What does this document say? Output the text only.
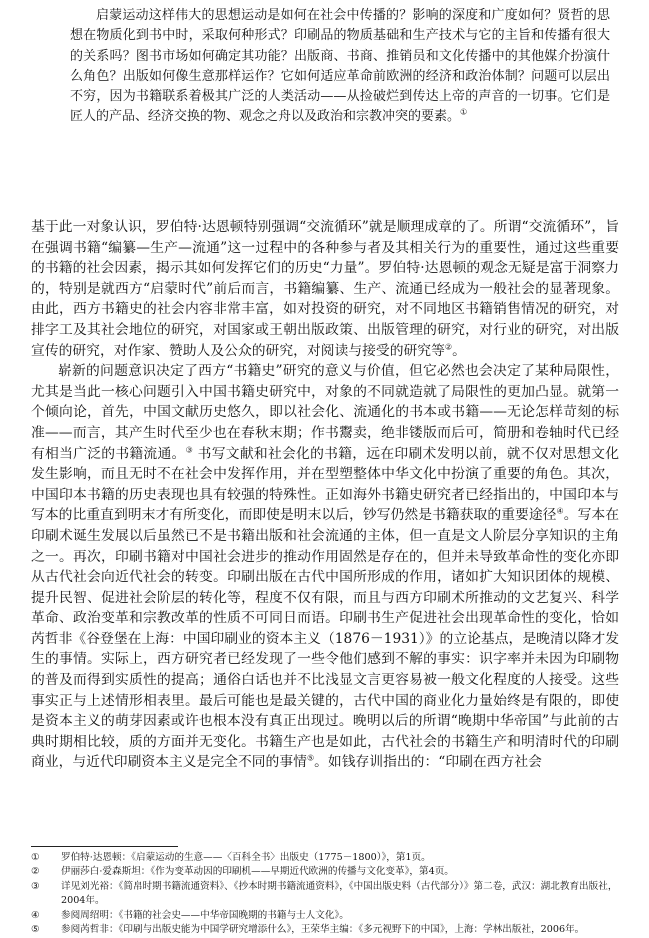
启蒙运动这样伟大的思想运动是如何在社会中传播的？影响的深度和广度如何？贤哲的思想在物质化到书中时，采取何种形式？印刷品的物质基础和生产技术与它的主旨和传播有很大的关系吗？图书市场如何确定其功能？出版商、书商、推销员和文化传播中的其他媒介扮演什么角色？出版如何像生意那样运作？它如何适应革命前欧洲的经济和政治体制？问题可以层出不穷，因为书籍联系着极其广泛的人类活动——从捡破烂到传达上帝的声音的一切事。它们是匠人的产品、经济交换的物、观念之舟以及政治和宗教冲突的要素。①

基于此一对象认识，罗伯特·达恩顿特别强调“交流循环”就是顺理成章的了。所谓“交流循环”，旨在强调书籍“编纂—生产—流通”这一过程中的各种参与者及其相关行为的重要性，通过这些重要的书籍的社会因素，揭示其如何发挥它们的历史“力量”。罗伯特·达恩顿的观念无疑是富于洞察力的，特别是就西方“启蒙时代”前后而言，书籍编纂、生产、流通已经成为一般社会的显著现象。由此，西方书籍史的社会内容非常丰富，如对投资的研究，对不同地区书籍销售情况的研究，对排字工及其社会地位的研究，对国家或王朝出版政策、出版管理的研究，对行业的研究，对出版宣传的研究，对作家、赞助人及公众的研究，对阅读与接受的研究等②。

崭新的问题意识决定了西方“书籍史”研究的意义与价值，但它必然也会决定了某种局限性，尤其是当此一核心问题引入中国书籍史研究中，对象的不同就造就了局限性的更加凸显。就第一个倾向论，首先，中国文献历史悠久，即以社会化、流通化的书本或书籍——无论怎样苛刻的标准——而言，其产生时代至少也在春秋末期；作书鬻卖，绝非镂版而后可，简册和卷轴时代已经有相当广泛的书籍流通。③ 书写文献和社会化的书籍，远在印刷术发明以前，就不仅对思想文化发生影响，而且无时不在社会中发挥作用，并在型塑整体中华文化中扮演了重要的角色。其次，中国印本书籍的历史表现也具有较强的特殊性。正如海外书籍史研究者已经指出的，中国印本与写本的比重直到明末才有所变化，而即使是明末以后，钞写仍然是书籍获取的重要途径④。写本在印刷术诞生发展以后虽然已不是书籍出版和社会流通的主体，但一直是文人阶层分享知识的主角之一。再次，印刷书籍对中国社会进步的推动作用固然是存在的，但并未导致革命性的变化亦即从古代社会向近代社会的转变。印刷出版在古代中国所形成的作用，诸如扩大知识团体的规模、提升民智、促进社会阶层的转化等，程度不仅有限，而且与西方印刷术所推动的文艺复兴、科学革命、政治变革和宗教改革的性质不可同日而语。印刷书生产促进社会出现革命性的变化，恰如芮哲非《谷登堡在上海：中国印刷业的资本主义（1876－1931）》的立论基点，是晚清以降才发生的事情。实际上，西方研究者已经发现了一些令他们感到不解的事实：识字率并未因为印刷物的普及而得到实质性的提高；通俗白话也并不比浅显文言更容易被一般文化程度的人接受。这些事实正与上述情形相表里。最后可能也是最关键的，古代中国的商业化力量始终是有限的，即使是资本主义的萌芽因素或许也根本没有真正出现过。晚明以后的所谓“晚期中华帝国”与此前的古典时期相比较，质的方面并无变化。书籍生产也是如此，古代社会的书籍生产和明清时代的印刷商业，与近代印刷资本主义是完全不同的事情⑤。如钱存训指出的：“印刷在西方社会

①	罗伯特·达恩顿：《启蒙运动的生意——〈百科全书〉出版史（1775－1800）》，第1页。
②	伊丽莎白·爱森斯坦：《作为变革动因的印刷机——早期近代欧洲的传播与文化变革》，第4页。
③	详见刘光裕：《简帛时期书籍流通资料》、《抄本时期书籍流通资料》，《中国出版史料（古代部分）》第二卷，武汉：湖北教育出版社，2004年。
④	参阅周绍明：《书籍的社会史——中华帝国晚期的书籍与士人文化》。
⑤	参阅芮哲非：《印刷与出版史能为中国学研究增添什么》，王荣华主编：《多元视野下的中国》，上海：学林出版社，2006年。
